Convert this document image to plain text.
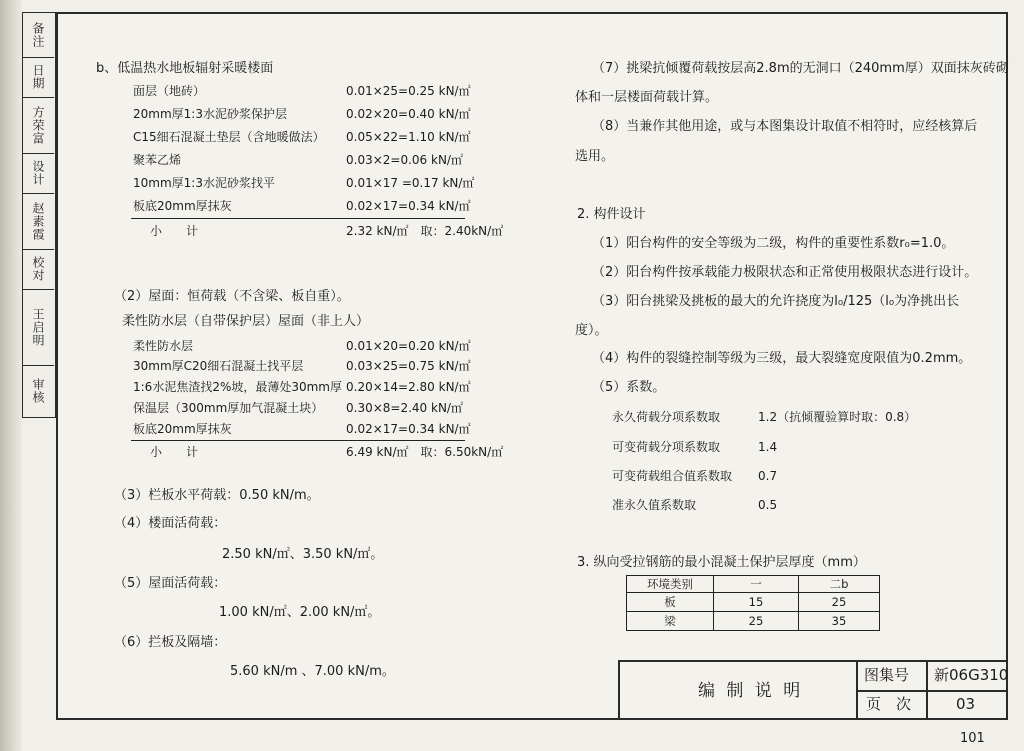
备注
日期
方荣富
设计
赵素霞
校对
王启明
审核
b、低温热水地板辐射采暖楼面
面层（地砖）	0.01×25=0.25 kN/㎡
20mm厚1:3水泥砂浆保护层	0.02×20=0.40 kN/㎡
C15细石混凝土垫层（含地暖做法） 0.05×22=1.10 kN/㎡
聚苯乙烯	0.03×2=0.06 kN/㎡
10mm厚1:3水泥砂浆找平	0.01×17 =0.17 kN/㎡
板底20mm厚抹灰	0.02×17=0.34 kN/㎡
小　　计	2.32 kN/㎡　取：2.40kN/㎡
（2）屋面：恒荷载（不含梁、板自重）。
柔性防水层（自带保护层）屋面（非上人）
柔性防水层	0.01×20=0.20 kN/㎡
30mm厚C20细石混凝土找平层	0.03×25=0.75 kN/㎡
1:6水泥焦渣找2%坡，最薄处30mm厚 0.20×14=2.80 kN/㎡
保温层（300mm厚加气混凝土块） 0.30×8=2.40 kN/㎡
板底20mm厚抹灰	0.02×17=0.34 kN/㎡
小　　计	6.49 kN/㎡　取：6.50kN/㎡
（3）栏板水平荷载：0.50 kN/m。
（4）楼面活荷载：
2.50 kN/㎡、3.50 kN/㎡。
（5）屋面活荷载：
1.00 kN/㎡、2.00 kN/㎡。
（6）拦板及隔墙：
5.60 kN/m 、7.00 kN/m。
（7）挑梁抗倾覆荷载按层高2.8m的无洞口（240mm厚）双面抹灰砖砌
体和一层楼面荷载计算。
（8）当兼作其他用途，或与本图集设计取值不相符时，应经核算后
选用。
2. 构件设计
（1）阳台构件的安全等级为二级，构件的重要性系数r₀=1.0。
（2）阳台构件按承载能力极限状态和正常使用极限状态进行设计。
（3）阳台挑梁及挑板的最大的允许挠度为l₀/125（l₀为净挑出长
度）。
（4）构件的裂缝控制等级为三级，最大裂缝宽度限值为0.2mm。
（5）系数。
永久荷载分项系数取	1.2（抗倾覆验算时取：0.8）
可变荷载分项系数取	1.4
可变荷载组合值系数取 0.7
准永久值系数取	0.5
3. 纵向受拉钢筋的最小混凝土保护层厚度（mm）
环境类别	一	二b
板	15	25
梁	25	35
编 制 说 明
图集号 新06G310
页　次	03
101
